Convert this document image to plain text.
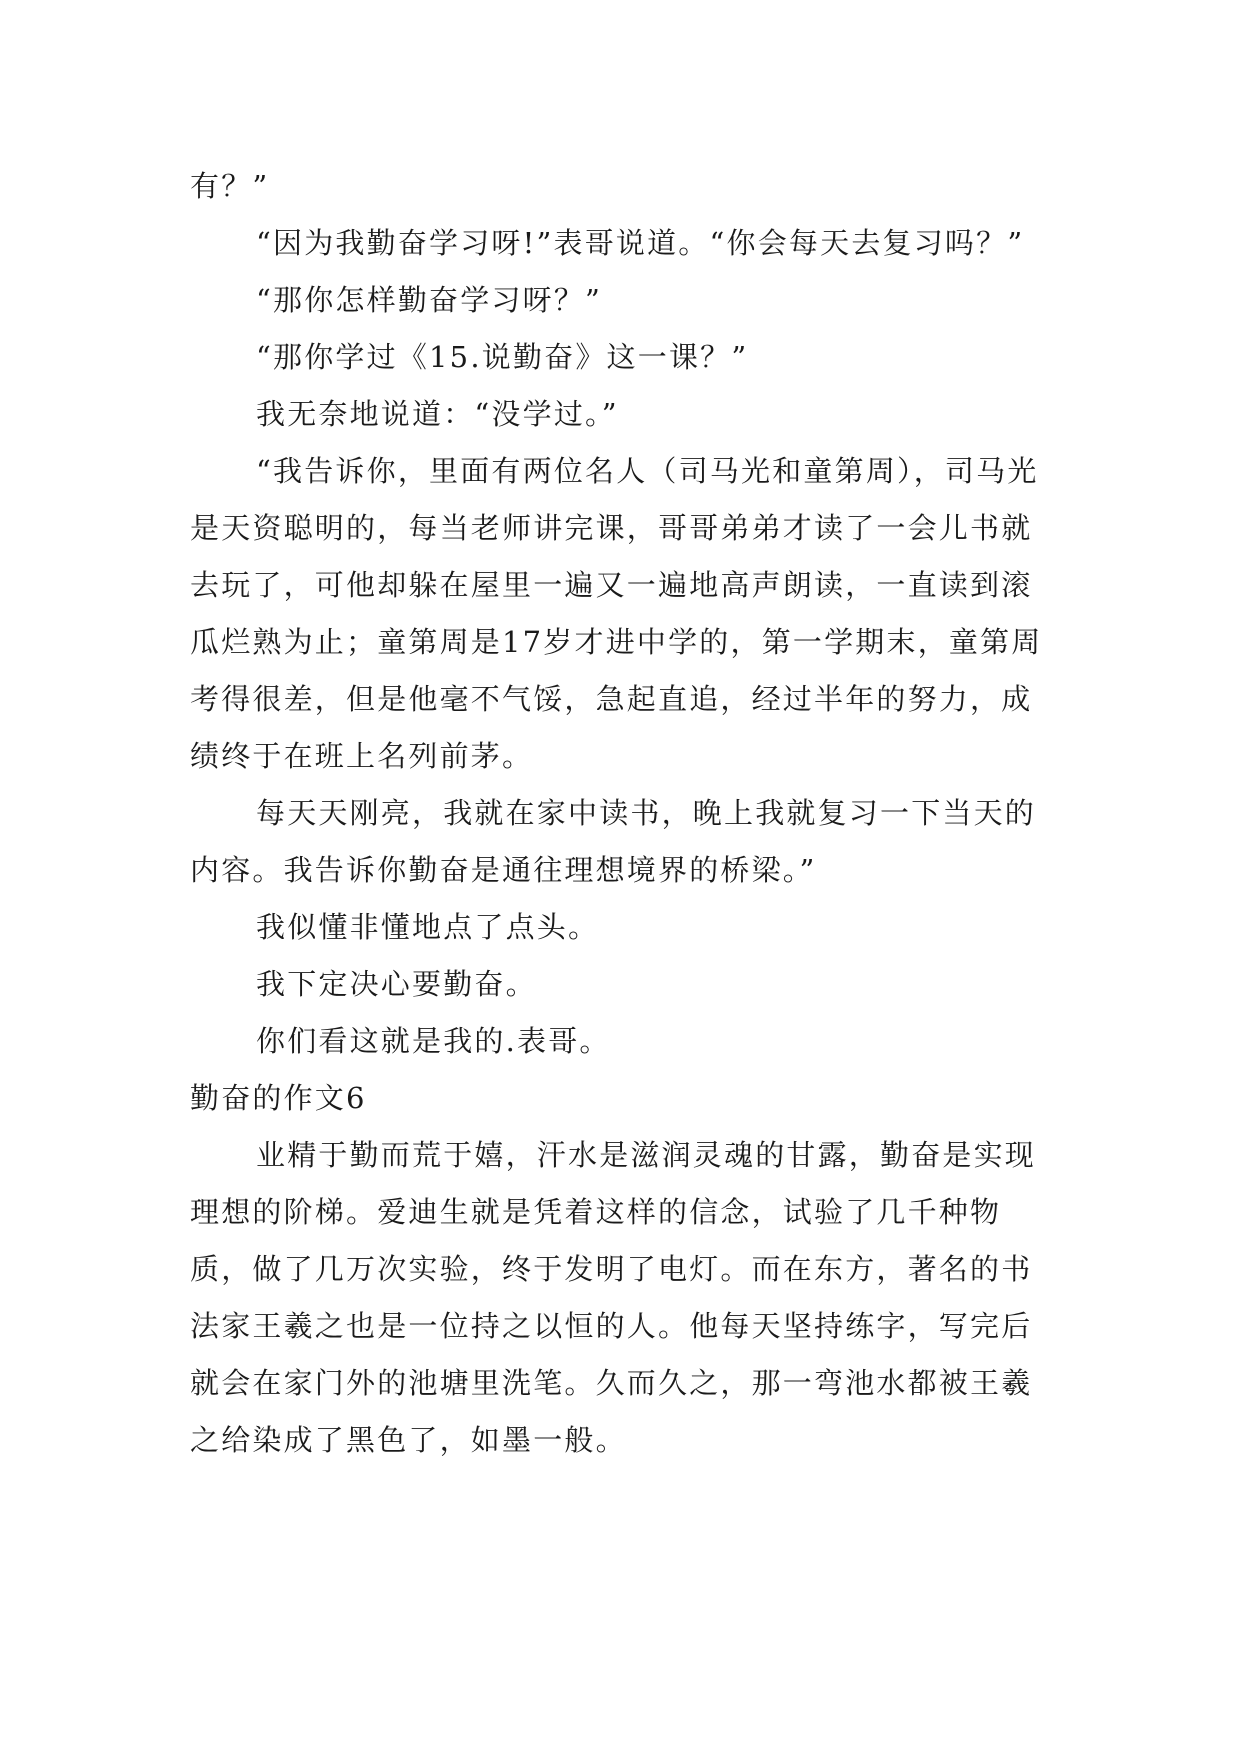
有？”

“因为我勤奋学习呀!”表哥说道。“你会每天去复习吗？”

“那你怎样勤奋学习呀？”

“那你学过《15.说勤奋》这一课？”

我无奈地说道：“没学过。”

“我告诉你，里面有两位名人（司马光和童第周），司马光是天资聪明的，每当老师讲完课，哥哥弟弟才读了一会儿书就去玩了，可他却躲在屋里一遍又一遍地高声朗读，一直读到滚瓜烂熟为止；童第周是17岁才进中学的，第一学期末，童第周考得很差，但是他毫不气馁，急起直追，经过半年的努力，成绩终于在班上名列前茅。

每天天刚亮，我就在家中读书，晚上我就复习一下当天的内容。我告诉你勤奋是通往理想境界的桥梁。”

我似懂非懂地点了点头。

我下定决心要勤奋。

你们看这就是我的.表哥。

勤奋的作文6

业精于勤而荒于嬉，汗水是滋润灵魂的甘露，勤奋是实现理想的阶梯。爱迪生就是凭着这样的信念，试验了几千种物质，做了几万次实验，终于发明了电灯。而在东方，著名的书法家王羲之也是一位持之以恒的人。他每天坚持练字，写完后就会在家门外的池塘里洗笔。久而久之，那一弯池水都被王羲之给染成了黑色了，如墨一般。
